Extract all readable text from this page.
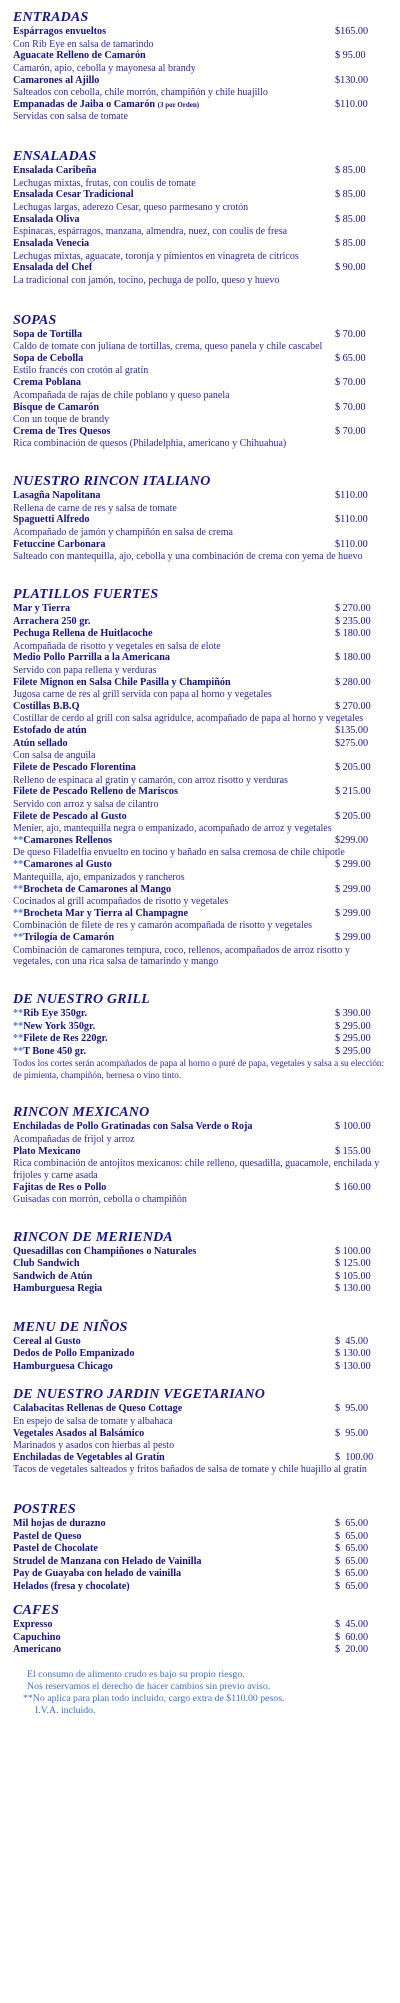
ENTRADAS
Espárragos envueltos	$165.00
Con Rib Eye en salsa de tamarindo
Aguacate Relleno de Camarón	$ 95.00
Camarón, apio, cebolla y mayonesa al brandy
Camarones al Ajillo	$130.00
Salteados con cebolla, chile morrón, champiñón y chile huajillo
Empanadas de Jaiba o Camarón (3 por Orden)	$110.00
Servidas con salsa de tomate
ENSALADAS
Ensalada Caribeña	$ 85.00
Lechugas mixtas, frutas, con coulis de tomate
Ensalada Cesar Tradicional	$ 85.00
Lechugas largas, aderezo Cesar, queso parmesano y crotón
Ensalada Oliva	$ 85.00
Espinacas, espárragos, manzana, almendra, nuez, con coulis de fresa
Ensalada Venecia	$ 85.00
Lechugas mixtas, aguacate, toronja y pimientos en vinagreta de cítricos
Ensalada del Chef	$ 90.00
La tradicional con jamón, tocino, pechuga de pollo, queso y huevo
SOPAS
Sopa de Tortilla	$ 70.00
Caldo de tomate con juliana de tortillas, crema, queso panela y chile cascabel
Sopa de Cebolla	$ 65.00
Estilo francés con crotón al gratín
Crema Poblana	$ 70.00
Acompañada de rajas de chile poblano y queso panela
Bisque de Camarón	$ 70.00
Con un toque de brandy
Crema de Tres Quesos	$ 70.00
Rica combinación de quesos (Philadelphia, americano y Chihuahua)
NUESTRO RINCON ITALIANO
Lasagña Napolitana	$110.00
Rellena de carne de res y salsa de tomate
Spaguetti Alfredo	$110.00
Acompañado de jamón y champiñón en salsa de crema
Fetuccine Carbonara	$110.00
Salteado con mantequilla, ajo, cebolla y una combinación de crema con yema de huevo
PLATILLOS FUERTES
Mar y Tierra	$ 270.00
Arrachera 250 gr.	$ 235.00
Pechuga Rellena de Huitlacoche	$ 180.00
Acompañada de risotto y vegetales en salsa de elote
Medio Pollo Parrilla a la Americana	$ 180.00
Servido con papa rellena y verduras
Filete Mignon en Salsa Chile Pasilla y Champiñón	$ 280.00
Jugosa carne de res al grill servida con papa al horno y vegetales
Costillas B.B.Q	$ 270.00
Costillar de cerdo al grill con salsa agridulce, acompañado de papa al horno y vegetales
Estofado de atún	$135.00
Atún sellado	$275.00
Con salsa de anguila
Filete de Pescado Florentina	$ 205.00
Relleno de espinaca al gratín y camarón, con arroz risotto y verduras
Filete de Pescado Relleno de Mariscos	$ 215.00
Servido con arroz y salsa de cilantro
Filete de Pescado al Gusto	$ 205.00
Menier, ajo, mantequilla negra o empanizado, acompañado de arroz y vegetales
**Camarones Rellenos	$299.00
De queso Filadelfia envuelto en tocino y bañado en salsa cremosa de chile chipotle
**Camarones al Gusto	$ 299.00
Mantequilla, ajo, empanizados y rancheros
**Brocheta de Camarones al Mango	$ 299.00
Cocinados al grill acompañados de risotto y vegetales
**Brocheta Mar y Tierra al Champagne	$ 299.00
Combinación de filete de res y camarón acompañada de risotto y vegetales
**Trilogía de Camarón	$ 299.00
Combinación de camarones tempura, coco, rellenos, acompañados de arroz risotto y vegetales, con una rica salsa de tamarindo y mango
DE NUESTRO GRILL
**Rib Eye 350gr.	$ 390.00
**New York 350gr.	$ 295.00
**Filete de Res 220gr.	$ 295.00
**T Bone 450 gr.	$ 295.00
Todos los cortes serán acompañados de papa al horno o puré de papa, vegetales y salsa a su elección: de pimienta, champiñón, bernesa o vino tinto.
RINCON MEXICANO
Enchiladas de Pollo Gratinadas con Salsa Verde o Roja	$ 100.00
Acompañadas de frijol y arroz
Plato Mexicano	$ 155.00
Rica combinación de antojitos mexicanos: chile relleno, quesadilla, guacamole, enchilada y frijoles y carne asada
Fajitas de Res o Pollo	$ 160.00
Guisadas con morrón, cebolla o champiñón
RINCON DE MERIENDA
Quesadillas con Champiñones o Naturales	$ 100.00
Club Sandwich	$ 125.00
Sandwich de Atún	$ 105.00
Hamburguesa Regia	$ 130.00
MENU DE NIÑOS
Cereal al Gusto	$  45.00
Dedos de Pollo Empanizado	$ 130.00
Hamburguesa Chicago	$ 130.00
DE NUESTRO JARDIN VEGETARIANO
Calabacitas Rellenas de Queso Cottage	$  95.00
En espejo de salsa de tomate y albahaca
Vegetales Asados al Balsámico	$  95.00
Marinados y asados con hierbas al pesto
Enchiladas de Vegetables al Gratín	$  100.00
Tacos de vegetales salteados y fritos bañados de salsa de tomate y chile huajillo al gratín
POSTRES
Mil hojas de durazno	$  65.00
Pastel de Queso	$  65.00
Pastel de Chocolate	$  65.00
Strudel de Manzana con Helado de Vainilla	$  65.00
Pay de Guayaba con helado de vainilla	$  65.00
Helados (fresa y chocolate)	$  65.00
CAFES
Expresso	$  45.00
Capuchino	$  60.00
Americano	$  20.00
El consumo de alimento crudo es bajo su propio riesgo.
Nos reservamos el derecho de hacer cambios sin previo aviso.
**No aplica para plan todo incluido, cargo extra de $110.00 pesos.
I.V.A. incluido.
